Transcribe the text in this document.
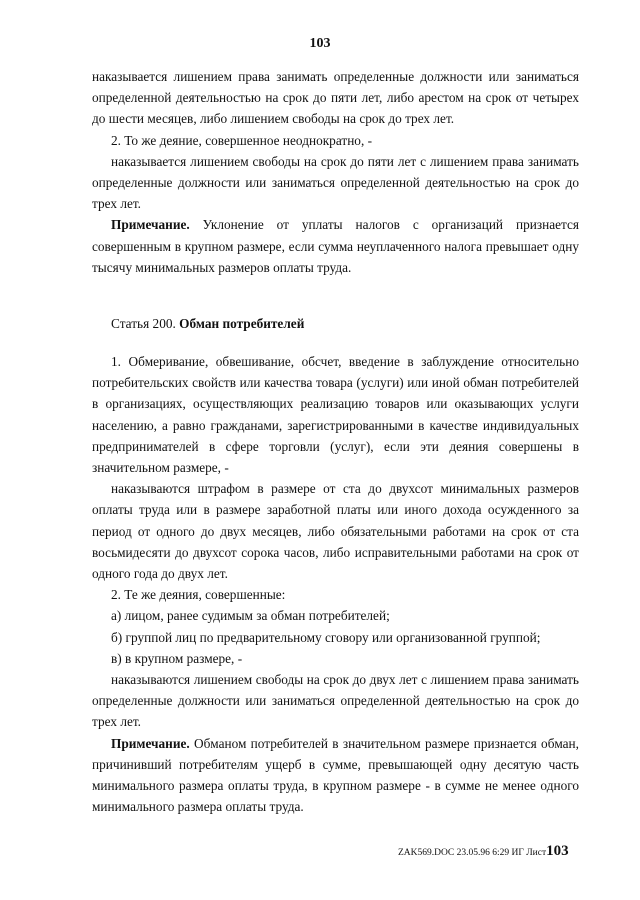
103

наказывается лишением права занимать определенные должности или заниматься определенной деятельностью на срок до пяти лет, либо арестом на срок от четырех до шести месяцев, либо лишением свободы на срок до трех лет.

2. То же деяние, совершенное неоднократно, -

наказывается лишением свободы на срок до пяти лет с лишением права занимать определенные должности или заниматься определенной деятельностью на срок до трех лет.

Примечание. Уклонение от уплаты налогов с организаций признается совершенным в крупном размере, если сумма неуплаченного налога превышает одну тысячу минимальных размеров оплаты труда.

Статья 200. Обман потребителей

1. Обмеривание, обвешивание, обсчет, введение в заблуждение относительно потребительских свойств или качества товара (услуги) или иной обман потребителей в организациях, осуществляющих реализацию товаров или оказывающих услуги населению, а равно гражданами, зарегистрированными в качестве индивидуальных предпринимателей в сфере торговли (услуг), если эти деяния совершены в значительном размере, -

наказываются штрафом в размере от ста до двухсот минимальных размеров оплаты труда или в размере заработной платы или иного дохода осужденного за период от одного до двух месяцев, либо обязательными работами на срок от ста восьмидесяти до двухсот сорока часов, либо исправительными работами на срок от одного года до двух лет.

2. Те же деяния, совершенные:

а) лицом, ранее судимым за обман потребителей;

б) группой лиц по предварительному сговору или организованной группой;

в) в крупном размере, -

наказываются лишением свободы на срок до двух лет с лишением права занимать определенные должности или заниматься определенной деятельностью на срок до трех лет.

Примечание. Обманом потребителей в значительном размере признается обман, причинивший потребителям ущерб в сумме, превышающей одну десятую часть минимального размера оплаты труда, в крупном размере - в сумме не менее одного минимального размера оплаты труда.

ZAK569.DOC 23.05.96 6:29 ИГ Лист103
